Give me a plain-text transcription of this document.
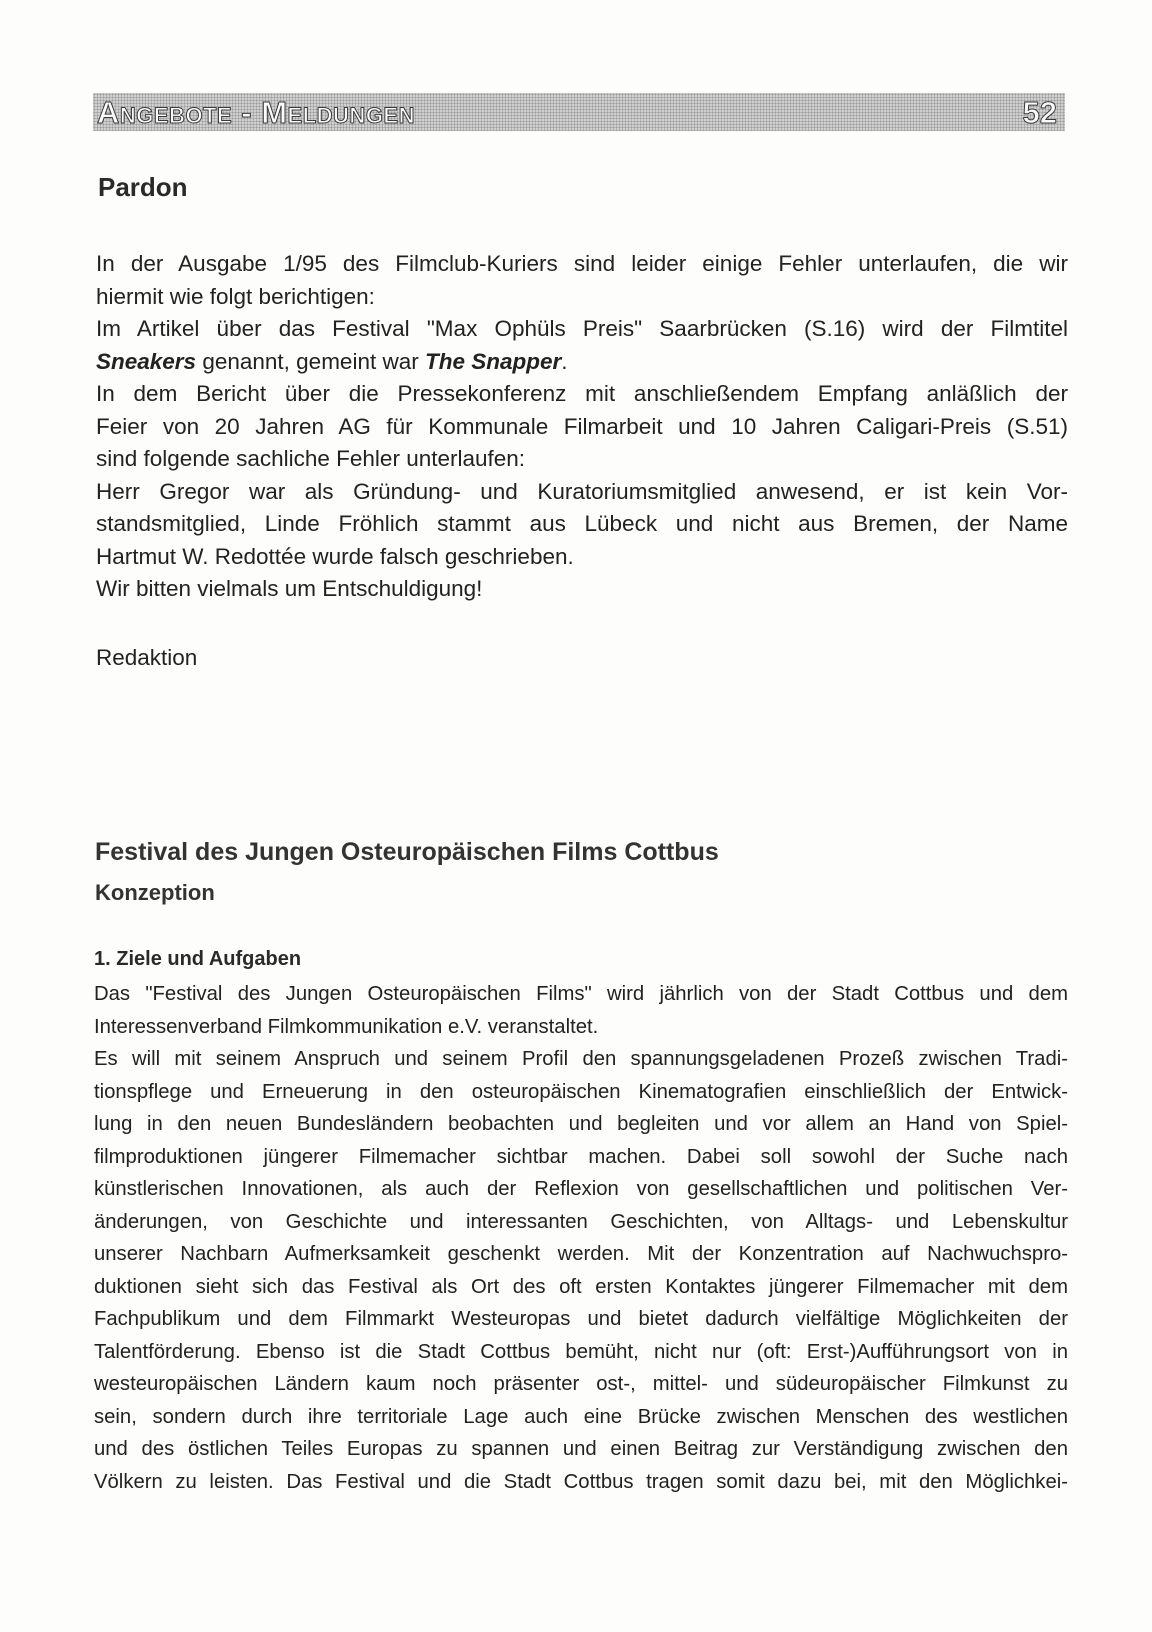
Angebote - Meldungen	52
Pardon

In der Ausgabe 1/95 des Filmclub-Kuriers sind leider einige Fehler unterlaufen, die wir

hiermit wie folgt berichtigen:

Im Artikel über das Festival "Max Ophüls Preis" Saarbrücken (S.16) wird der Filmtitel

Sneakers genannt, gemeint war The Snapper.

In dem Bericht über die Pressekonferenz mit anschließendem Empfang anläßlich der

Feier von 20 Jahren AG für Kommunale Filmarbeit und 10 Jahren Caligari-Preis (S.51)

sind folgende sachliche Fehler unterlaufen:

Herr Gregor war als Gründung- und Kuratoriumsmitglied anwesend, er ist kein Vor-

standsmitglied, Linde Fröhlich stammt aus Lübeck und nicht aus Bremen, der Name

Hartmut W. Redottée wurde falsch geschrieben.

Wir bitten vielmals um Entschuldigung!

Redaktion
Festival des Jungen Osteuropäischen Films Cottbus
Konzeption
1. Ziele und Aufgaben
Das "Festival des Jungen Osteuropäischen Films" wird jährlich von der Stadt Cottbus und dem
Interessenverband Filmkommunikation e.V. veranstaltet.
Es will mit seinem Anspruch und seinem Profil den spannungsgeladenen Prozeß zwischen Tradi-
tionspflege und Erneuerung in den osteuropäischen Kinematografien einschließlich der Entwick-
lung in den neuen Bundesländern beobachten und begleiten und vor allem an Hand von Spiel-
filmproduktionen jüngerer Filmemacher sichtbar machen. Dabei soll sowohl der Suche nach
künstlerischen Innovationen, als auch der Reflexion von gesellschaftlichen und politischen Ver-
änderungen, von Geschichte und interessanten Geschichten, von Alltags- und Lebenskultur
unserer Nachbarn Aufmerksamkeit geschenkt werden. Mit der Konzentration auf Nachwuchspro-
duktionen sieht sich das Festival als Ort des oft ersten Kontaktes jüngerer Filmemacher mit dem
Fachpublikum und dem Filmmarkt Westeuropas und bietet dadurch vielfältige Möglichkeiten der
Talentförderung. Ebenso ist die Stadt Cottbus bemüht, nicht nur (oft: Erst-)Aufführungsort von in
westeuropäischen Ländern kaum noch präsenter ost-, mittel- und südeuropäischer Filmkunst zu
sein, sondern durch ihre territoriale Lage auch eine Brücke zwischen Menschen des westlichen
und des östlichen Teiles Europas zu spannen und einen Beitrag zur Verständigung zwischen den
Völkern zu leisten. Das Festival und die Stadt Cottbus tragen somit dazu bei, mit den Möglichkei-
